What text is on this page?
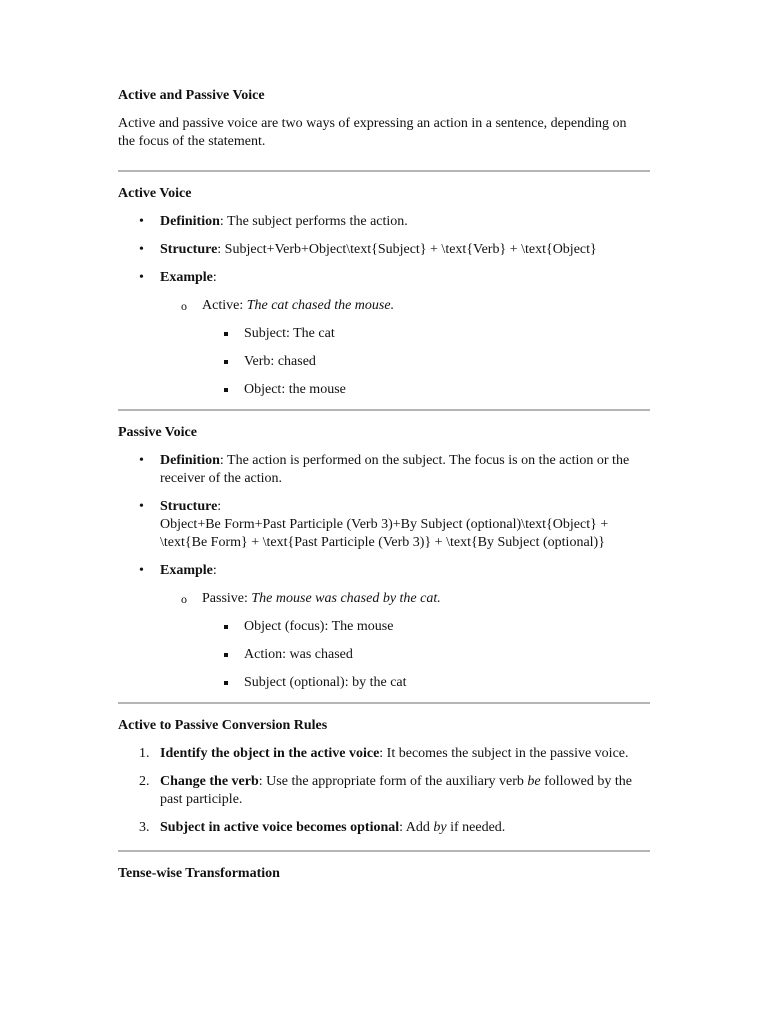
Active and Passive Voice

Active and passive voice are two ways of expressing an action in a sentence, depending on the focus of the statement.

Active Voice
• Definition: The subject performs the action.
• Structure: Subject+Verb+Object\text{Subject} + \text{Verb} + \text{Object}
• Example:
o Active: The cat chased the mouse.
Subject: The cat
Verb: chased
Object: the mouse
Passive Voice
• Definition: The action is performed on the subject. The focus is on the action or the receiver of the action.
• Structure:
Object+Be Form+Past Participle (Verb 3)+By Subject (optional)\text{Object} + \text{Be Form} + \text{Past Participle (Verb 3)} + \text{By Subject (optional)}
• Example:
o Passive: The mouse was chased by the cat.
Object (focus): The mouse
Action: was chased
Subject (optional): by the cat
Active to Passive Conversion Rules
1. Identify the object in the active voice: It becomes the subject in the passive voice.
2. Change the verb: Use the appropriate form of the auxiliary verb be followed by the past participle.
3. Subject in active voice becomes optional: Add by if needed.
Tense-wise Transformation
